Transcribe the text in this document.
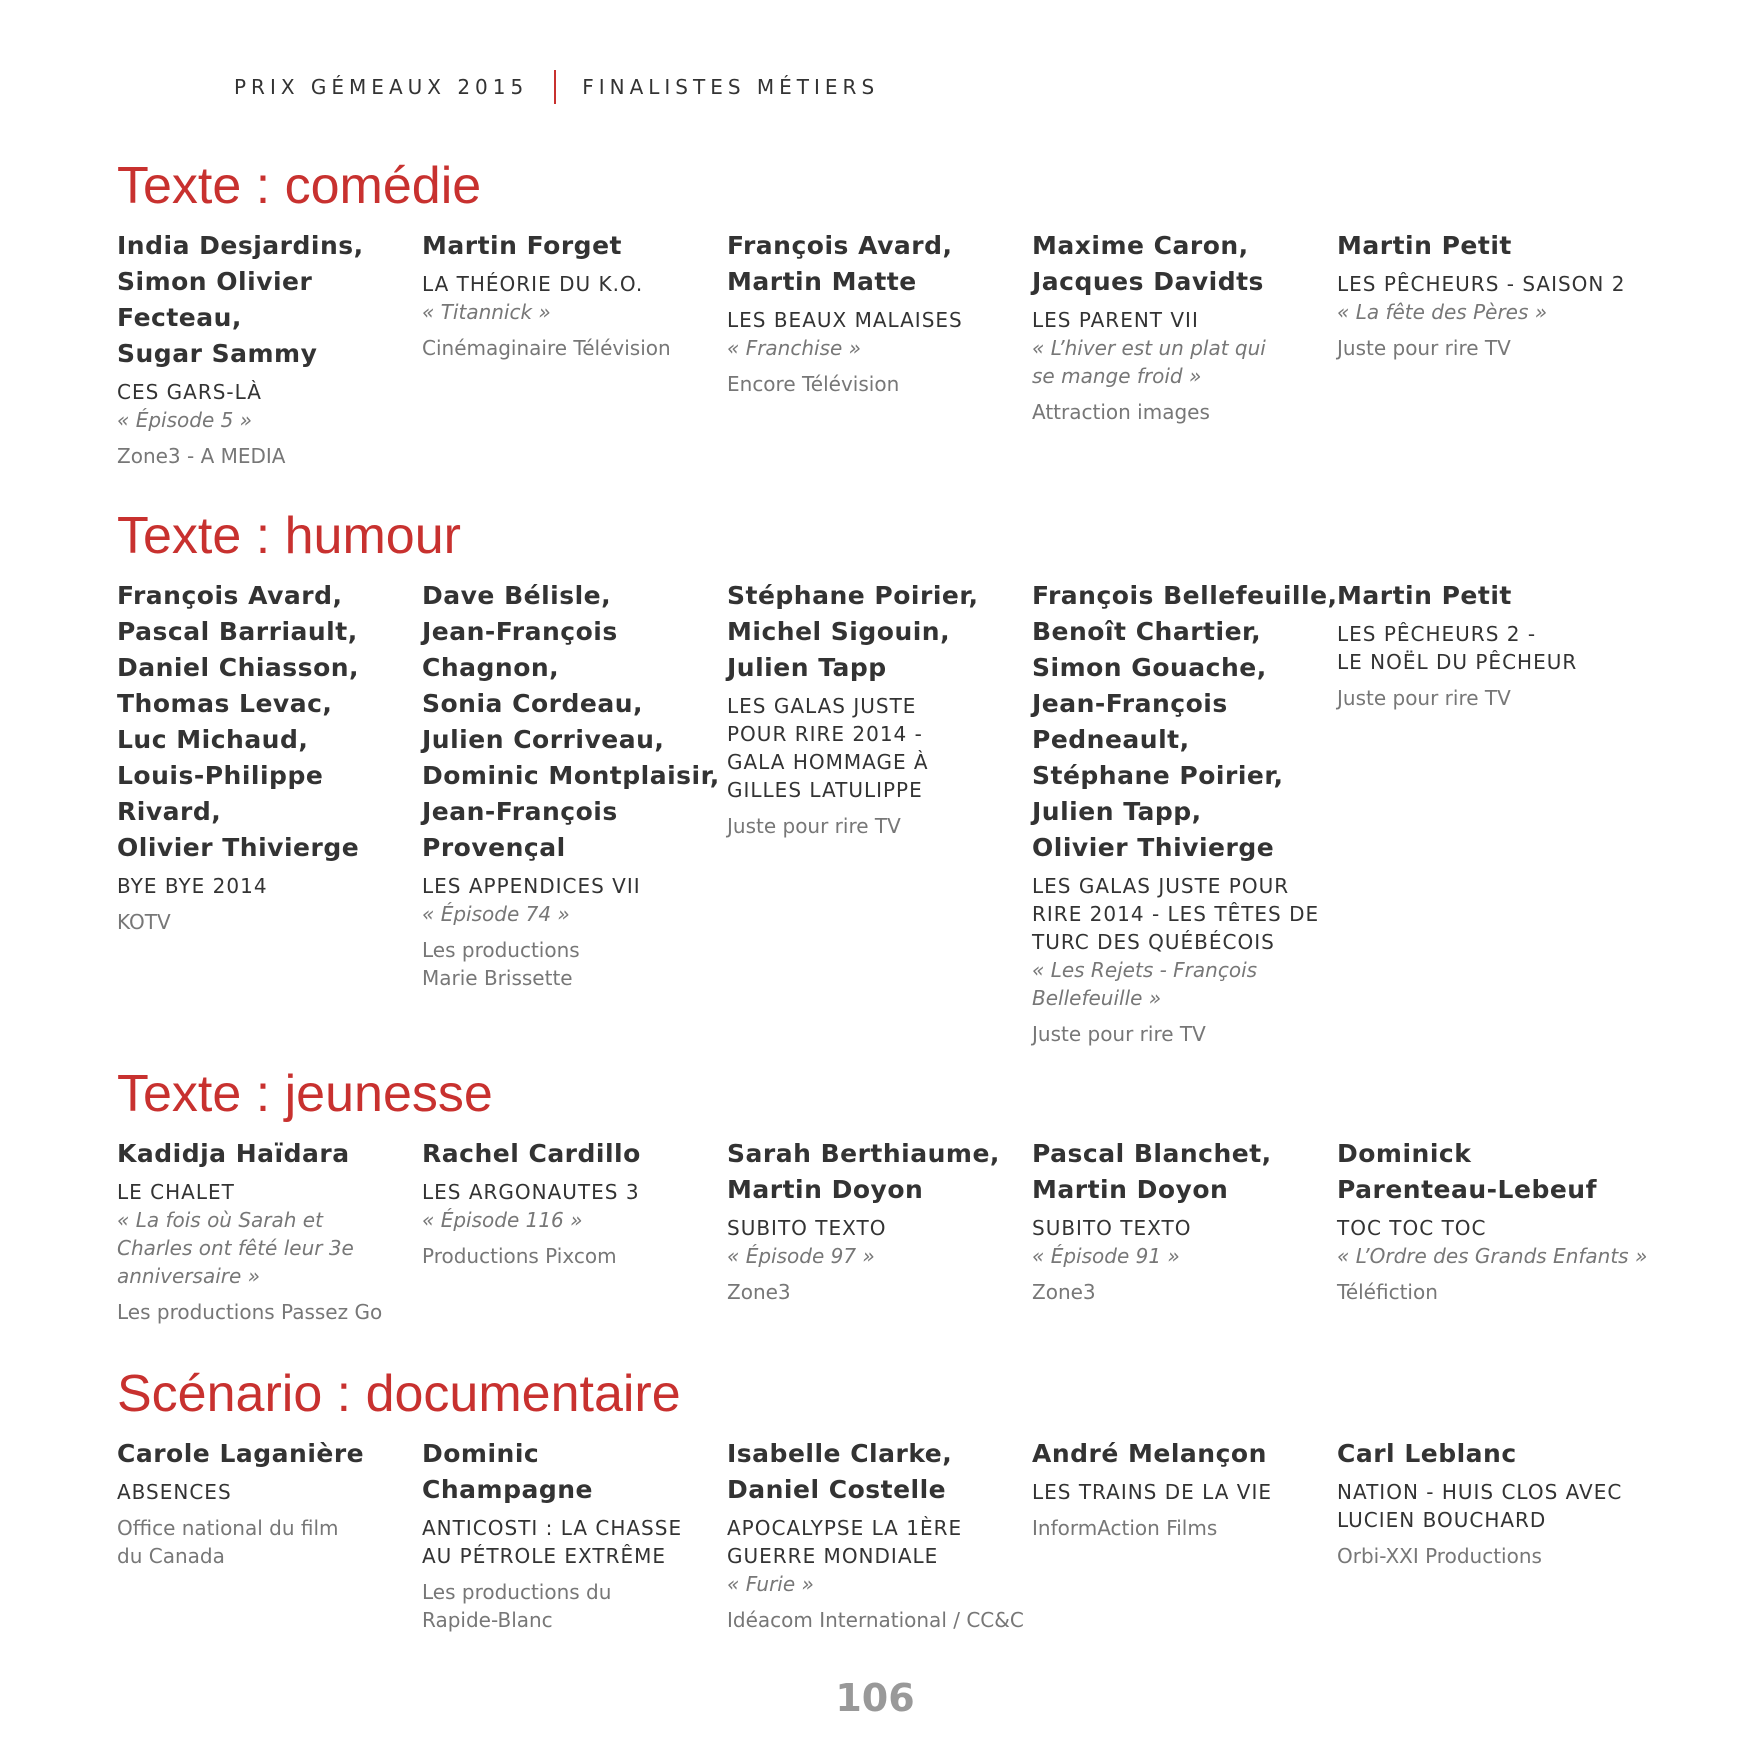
PRIX GÉMEAUX 2015	FINALISTES MÉTIERS
Texte : comédie
India Desjardins,
Simon Olivier
Fecteau,
Sugar Sammy
CES GARS-LÀ
« Épisode 5 »
Zone3 - A MEDIA
Martin Forget
LA THÉORIE DU K.O.
« Titannick »
Cinémaginaire Télévision
François Avard,
Martin Matte
LES BEAUX MALAISES
« Franchise »
Encore Télévision
Maxime Caron,
Jacques Davidts
LES PARENT VII
« L’hiver est un plat qui
se mange froid »
Attraction images
Martin Petit
LES PÊCHEURS - SAISON 2
« La fête des Pères »
Juste pour rire TV
Texte : humour
François Avard,
Pascal Barriault,
Daniel Chiasson,
Thomas Levac,
Luc Michaud,
Louis-Philippe
Rivard,
Olivier Thivierge
BYE BYE 2014
KOTV
Dave Bélisle,
Jean-François
Chagnon,
Sonia Cordeau,
Julien Corriveau,
Dominic Montplaisir,
Jean-François
Provençal
LES APPENDICES VII
« Épisode 74 »
Les productions
Marie Brissette
Stéphane Poirier,
Michel Sigouin,
Julien Tapp
LES GALAS JUSTE
POUR RIRE 2014 -
GALA HOMMAGE À
GILLES LATULIPPE
Juste pour rire TV
François Bellefeuille,
Benoît Chartier,
Simon Gouache,
Jean-François
Pedneault,
Stéphane Poirier,
Julien Tapp,
Olivier Thivierge
LES GALAS JUSTE POUR
RIRE 2014 - LES TÊTES DE
TURC DES QUÉBÉCOIS
« Les Rejets - François
Bellefeuille »
Juste pour rire TV
Martin Petit
LES PÊCHEURS 2 -
LE NOËL DU PÊCHEUR
Juste pour rire TV
Texte : jeunesse
Kadidja Haïdara
LE CHALET
« La fois où Sarah et
Charles ont fêté leur 3e
anniversaire »
Les productions Passez Go
Rachel Cardillo
LES ARGONAUTES 3
« Épisode 116 »
Productions Pixcom
Sarah Berthiaume,
Martin Doyon
SUBITO TEXTO
« Épisode 97 »
Zone3
Pascal Blanchet,
Martin Doyon
SUBITO TEXTO
« Épisode 91 »
Zone3
Dominick
Parenteau-Lebeuf
TOC TOC TOC
« L’Ordre des Grands Enfants »
Téléfiction
Scénario : documentaire
Carole Laganière
ABSENCES
Office national du film
du Canada
Dominic
Champagne
ANTICOSTI : LA CHASSE
AU PÉTROLE EXTRÊME
Les productions du
Rapide-Blanc
Isabelle Clarke,
Daniel Costelle
APOCALYPSE LA 1ÈRE
GUERRE MONDIALE
« Furie »
Idéacom International / CC&C
André Melançon
LES TRAINS DE LA VIE
InformAction Films
Carl Leblanc
NATION - HUIS CLOS AVEC
LUCIEN BOUCHARD
Orbi-XXI Productions
106
